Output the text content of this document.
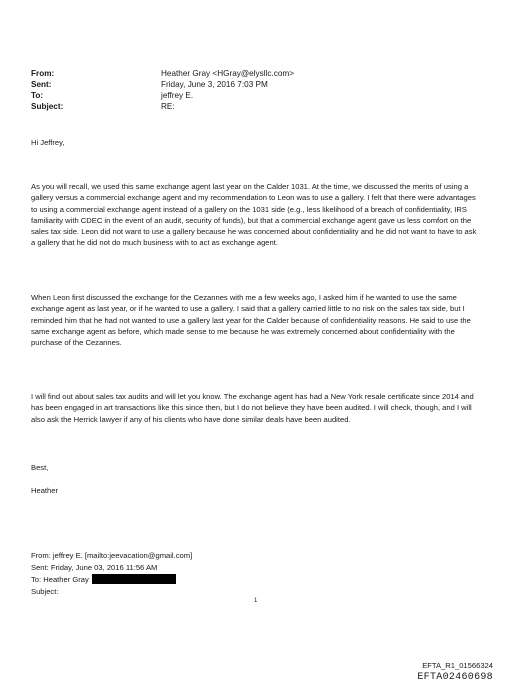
From:	Heather Gray <HGray@elysllc.com>
Sent:	Friday, June 3, 2016 7:03 PM
To:	jeffrey E.
Subject:	RE:
Hi Jeffrey,
As you will recall, we used this same exchange agent last year on the Calder 1031. At the time, we discussed the merits of using a gallery versus a commercial exchange agent and my recommendation to Leon was to use a gallery. I felt that there were advantages to using a commercial exchange agent instead of a gallery on the 1031 side (e.g., less likelihood of a breach of confidentiality, IRS familiarity with CDEC in the event of an audit, security of funds), but that a commercial exchange agent gave us less comfort on the sales tax side. Leon did not want to use a gallery because he was concerned about confidentiality and he did not want to have to ask a gallery that he did not do much business with to act as exchange agent.
When Leon first discussed the exchange for the Cezannes with me a few weeks ago, I asked him if he wanted to use the same exchange agent as last year, or if he wanted to use a gallery. I said that a gallery carried little to no risk on the sales tax side, but I reminded him that he had not wanted to use a gallery last year for the Calder because of confidentiality reasons. He said to use the same exchange agent as before, which made sense to me because he was extremely concerned about confidentiality with the purchase of the Cezannes.
I will find out about sales tax audits and will let you know. The exchange agent has had a New York resale certificate since 2014 and has been engaged in art transactions like this since then, but I do not believe they have been audited. I will check, though, and I will also ask the Herrick lawyer if any of his clients who have done similar deals have been audited.
Best,
Heather
From: jeffrey E. [mailto:jeevacation@gmail.com]
Sent: Friday, June 03, 2016 11:56 AM
To: Heather Gray
Subject:
1
EFTA_R1_01566324
EFTA02460698
